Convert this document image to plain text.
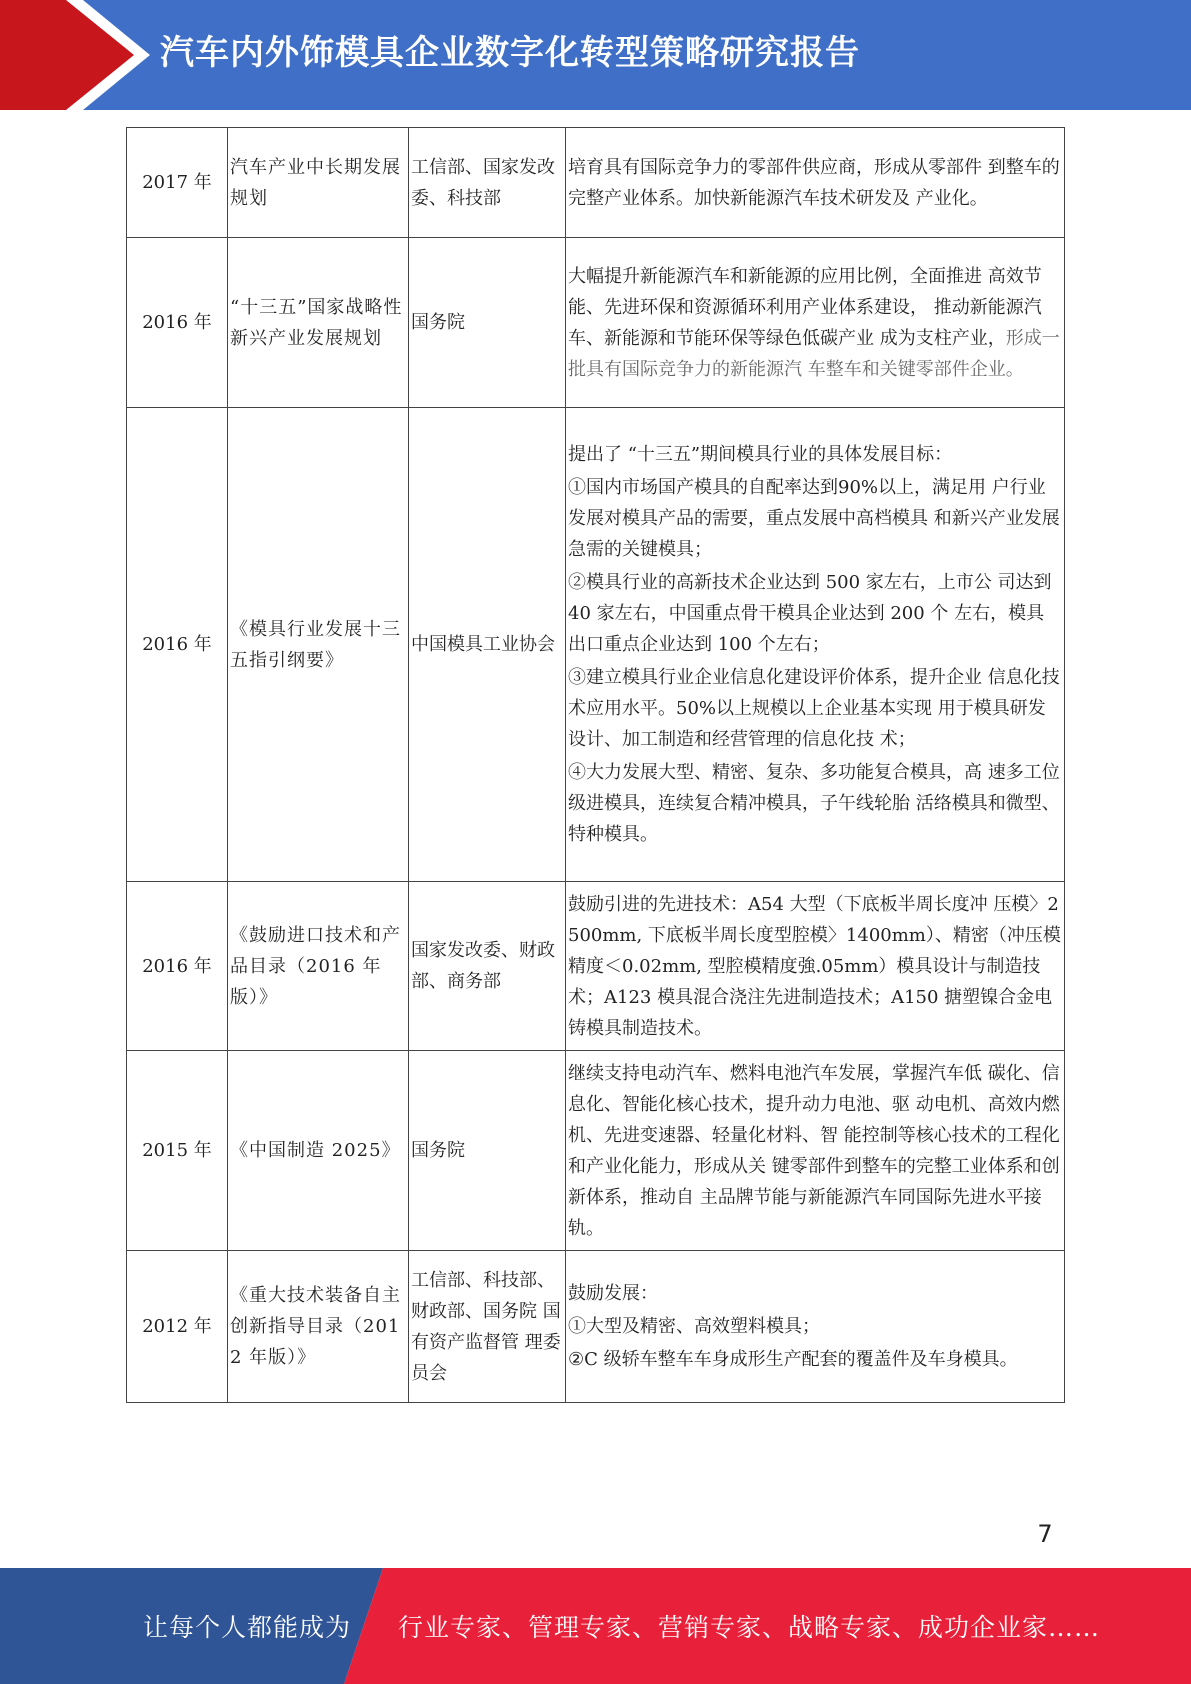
汽车内外饰模具企业数字化转型策略研究报告
2017 年	汽车产业中长期发展规划	工信部、国家发改委、科技部	培育具有国际竞争力的零部件供应商，形成从零部件 到整车的完整产业体系。加快新能源汽车技术研发及 产业化。

2016 年	“十三五”国家战略性新兴产业发展规划	国务院	大幅提升新能源汽车和新能源的应用比例，全面推进 高效节能、先进环保和资源循环利用产业体系建设， 推动新能源汽车、新能源和节能环保等绿色低碳产业 成为支柱产业，形成一批具有国际竞争力的新能源汽 车整车和关键零部件企业。

2016 年	《模具行业发展十三五指引纲要》	中国模具工业协会	提出了 “十三五”期间模具行业的具体发展目标：
①国内市场国产模具的自配率达到90%以上，满足用 户行业发展对模具产品的需要，重点发展中高档模具 和新兴产业发展急需的关键模具；
②模具行业的高新技术企业达到 500 家左右，上市公 司达到 40 家左右，中国重点骨干模具企业达到 200 个 左右，模具出口重点企业达到 100 个左右；
③建立模具行业企业信息化建设评价体系，提升企业 信息化技术应用水平。50%以上规模以上企业基本实现 用于模具研发设计、加工制造和经营管理的信息化技 术；
④大力发展大型、精密、复杂、多功能复合模具，高 速多工位级进模具，连续复合精冲模具，子午线轮胎 活络模具和微型、特种模具。

2016 年	《鼓励进口技术和产品目录（2016 年版）》	国家发改委、财政部、商务部	鼓励引进的先进技术：A54 大型（下底板半周长度冲 压模〉2500mm, 下底板半周长度型腔模〉1400mm）、精密（冲压模精度＜0.02mm, 型腔模精度強.05mm）模具设计与制造技术；A123 模具混合浇注先进制造技术；A150 搪塑镍合金电铸模具制造技术。

2015 年	《中国制造 2025》	国务院	继续支持电动汽车、燃料电池汽车发展，掌握汽车低 碳化、信息化、智能化核心技术，提升动力电池、驱 动电机、高效内燃机、先进变速器、轻量化材料、智 能控制等核心技术的工程化和产业化能力，形成从关 键零部件到整车的完整工业体系和创新体系，推动自 主品牌节能与新能源汽车同国际先进水平接轨。

2012 年	《重大技术装备自主创新指导目录（2012 年版）》	工信部、科技部、 财政部、国务院 国有资产监督管 理委员会	鼓励发展：
①大型及精密、高效塑料模具；
②C 级轿车整车车身成形生产配套的覆盖件及车身模具。
7
让每个人都能成为 行业专家、管理专家、营销专家、战略专家、成功企业家……
